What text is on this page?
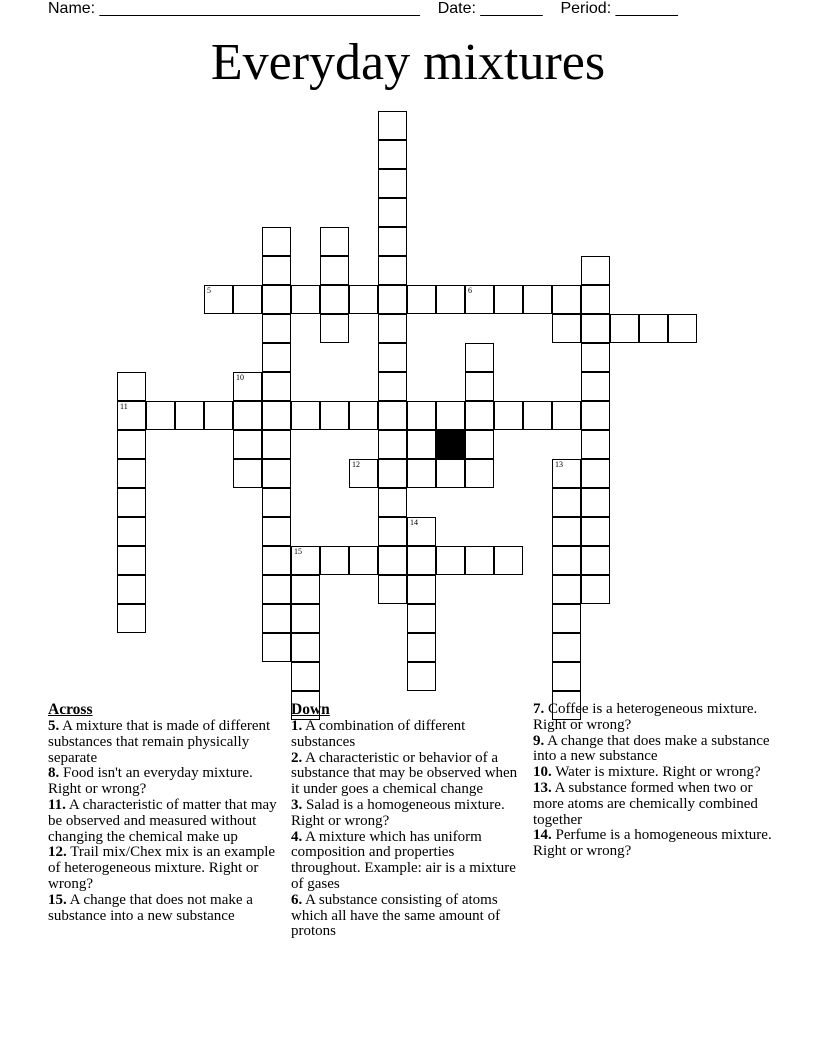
Name: ____________________________________    Date: _______    Period: _______
Everyday mixtures
5	6
11
10
12	13
14
15
Across

5. A mixture that is made of different substances that remain physically separate

8. Food isn't an everyday mixture. Right or wrong?

11. A characteristic of matter that may be observed and measured without changing the chemical make up

12. Trail mix/Chex mix is an example of heterogeneous mixture. Right or wrong?

15. A change that does not make a substance into a new substance

Down

1. A combination of different substances

2. A characteristic or behavior of a substance that may be observed when it under goes a chemical change

3. Salad is a homogeneous mixture. Right or wrong?

4. A mixture which has uniform composition and properties throughout. Example: air is a mixture of gases

6. A substance consisting of atoms which all have the same amount of protons

7. Coffee is a heterogeneous mixture. Right or wrong?

9. A change that does make a substance into a new substance

10. Water is mixture. Right or wrong?

13. A substance formed when two or more atoms are chemically combined together

14. Perfume is a homogeneous mixture. Right or wrong?
